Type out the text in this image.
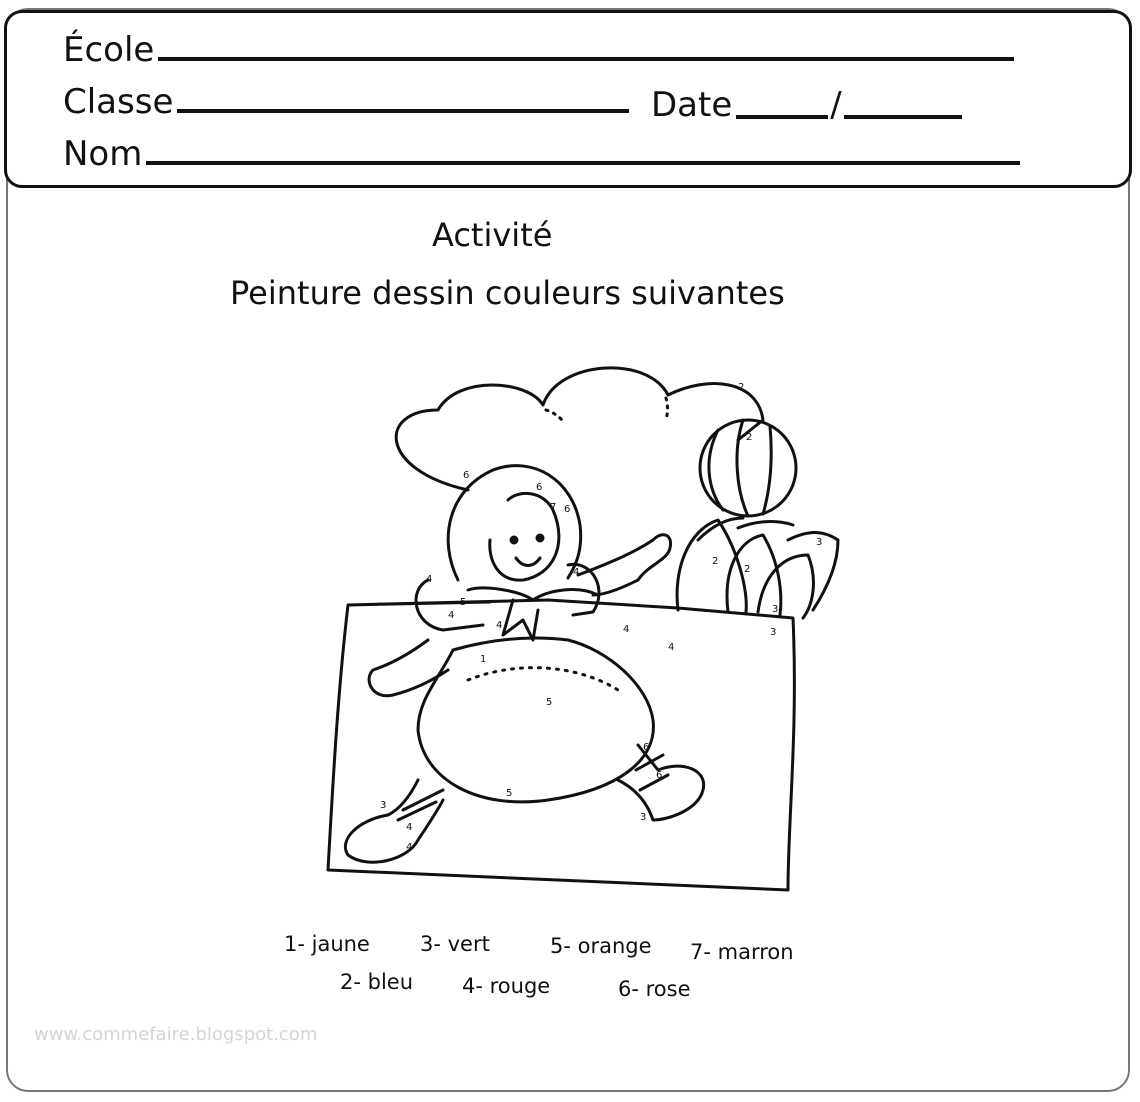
École
Classe	Date	/
Nom
Activité
Peinture dessin couleurs suivantes
2
2
6
6
7 6
4
5
4
4
1
4
5
2
2
3
3
3
3
4
4
5
6
6
3
4
4
1- jaune
2- bleu
3- vert
4- rouge
5- orange
6- rose
7- marron
www.commefaire.blogspot.com
